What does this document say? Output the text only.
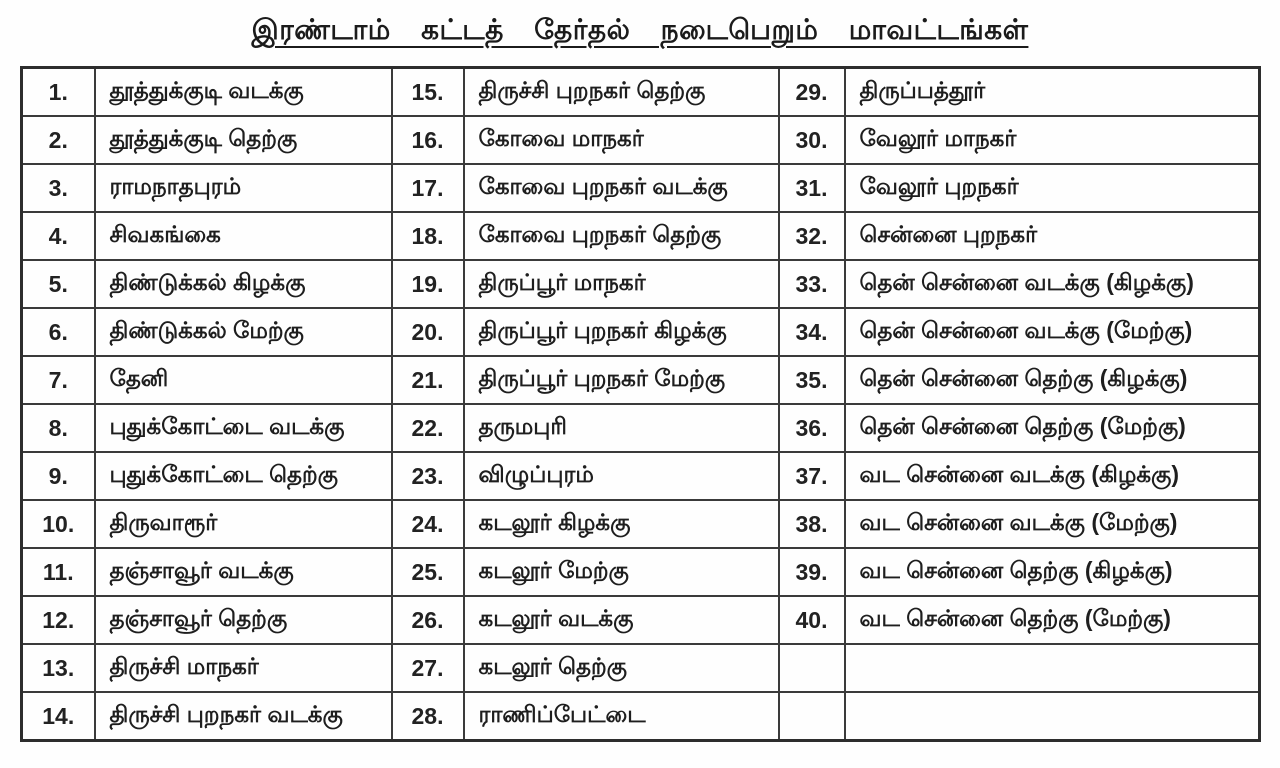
இரண்டாம் கட்டத் தேர்தல் நடைபெறும் மாவட்டங்கள்
1.	தூத்துக்குடி வடக்கு	15.	திருச்சி புறநகர் தெற்கு	29.	திருப்பத்தூர்
2.	தூத்துக்குடி தெற்கு	16.	கோவை மாநகர்	30.	வேலூர் மாநகர்
3.	ராமநாதபுரம்	17.	கோவை புறநகர் வடக்கு	31.	வேலூர் புறநகர்
4.	சிவகங்கை	18.	கோவை புறநகர் தெற்கு	32.	சென்னை புறநகர்
5.	திண்டுக்கல் கிழக்கு	19.	திருப்பூர் மாநகர்	33.	தென் சென்னை வடக்கு (கிழக்கு)
6.	திண்டுக்கல் மேற்கு	20.	திருப்பூர் புறநகர் கிழக்கு	34.	தென் சென்னை வடக்கு (மேற்கு)
7.	தேனி	21.	திருப்பூர் புறநகர் மேற்கு	35.	தென் சென்னை தெற்கு (கிழக்கு)
8.	புதுக்கோட்டை வடக்கு	22.	தருமபுரி	36.	தென் சென்னை தெற்கு (மேற்கு)
9.	புதுக்கோட்டை தெற்கு	23.	விழுப்புரம்	37.	வட சென்னை வடக்கு (கிழக்கு)
10.	திருவாரூர்	24.	கடலூர் கிழக்கு	38.	வட சென்னை வடக்கு (மேற்கு)
11.	தஞ்சாவூர் வடக்கு	25.	கடலூர் மேற்கு	39.	வட சென்னை தெற்கு (கிழக்கு)
12.	தஞ்சாவூர் தெற்கு	26.	கடலூர் வடக்கு	40.	வட சென்னை தெற்கு (மேற்கு)
13.	திருச்சி மாநகர்	27.	கடலூர் தெற்கு		
14.	திருச்சி புறநகர் வடக்கு	28.	ராணிப்பேட்டை		
